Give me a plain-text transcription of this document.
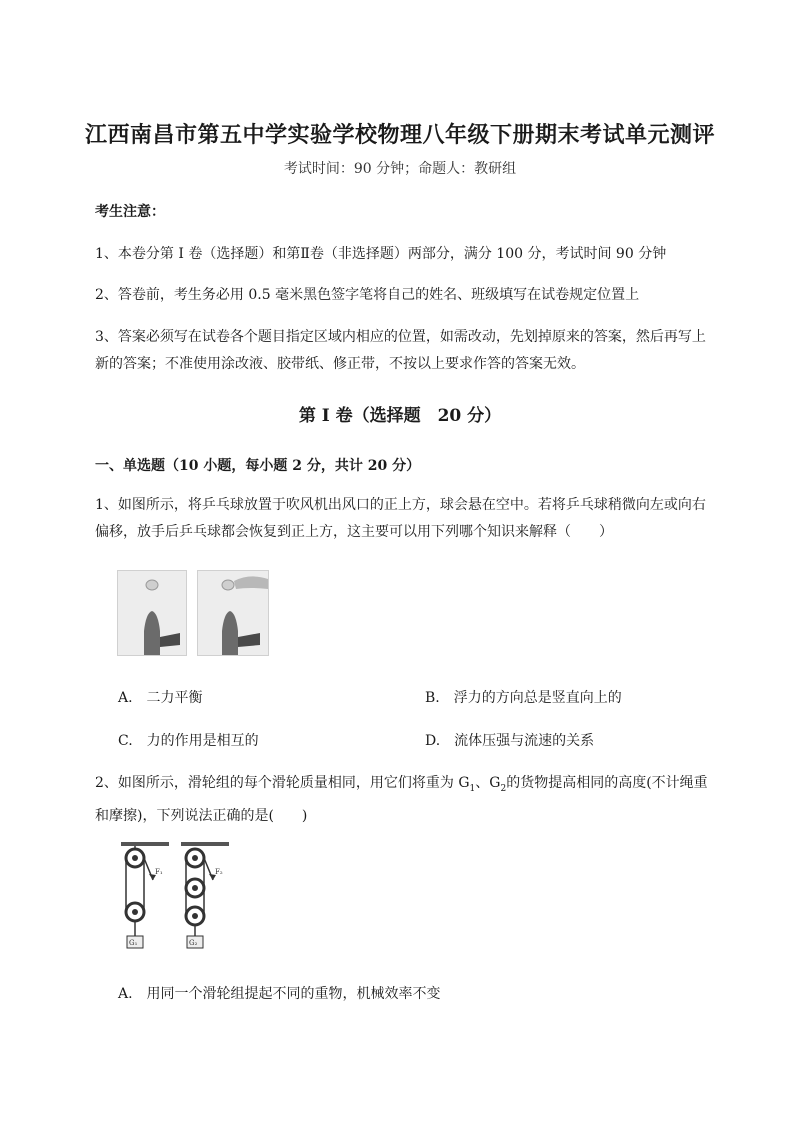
江西南昌市第五中学实验学校物理八年级下册期末考试单元测评
考试时间：90 分钟；命题人：教研组
考生注意：
1、本卷分第 I 卷（选择题）和第Ⅱ卷（非选择题）两部分，满分 100 分，考试时间 90 分钟
2、答卷前，考生务必用 0.5 毫米黑色签字笔将自己的姓名、班级填写在试卷规定位置上
3、答案必须写在试卷各个题目指定区域内相应的位置，如需改动，先划掉原来的答案，然后再写上新的答案；不准使用涂改液、胶带纸、修正带，不按以上要求作答的答案无效。
第 I 卷（选择题　20 分）
一、单选题（10 小题，每小题 2 分，共计 20 分）
1、如图所示，将乒乓球放置于吹风机出风口的正上方，球会悬在空中。若将乒乓球稍微向左或向右偏移，放手后乒乓球都会恢复到正上方，这主要可以用下列哪个知识来解释（　　）
A.　二力平衡	B.　浮力的方向总是竖直向上的
C.　力的作用是相互的	D.　流体压强与流速的关系
2、如图所示，滑轮组的每个滑轮质量相同，用它们将重为 $G_1$、$G_2$的货物提高相同的高度(不计绳重和摩擦)，下列说法正确的是(　　)
F₁
G₁
F₂
G₂
A.　用同一个滑轮组提起不同的重物，机械效率不变
